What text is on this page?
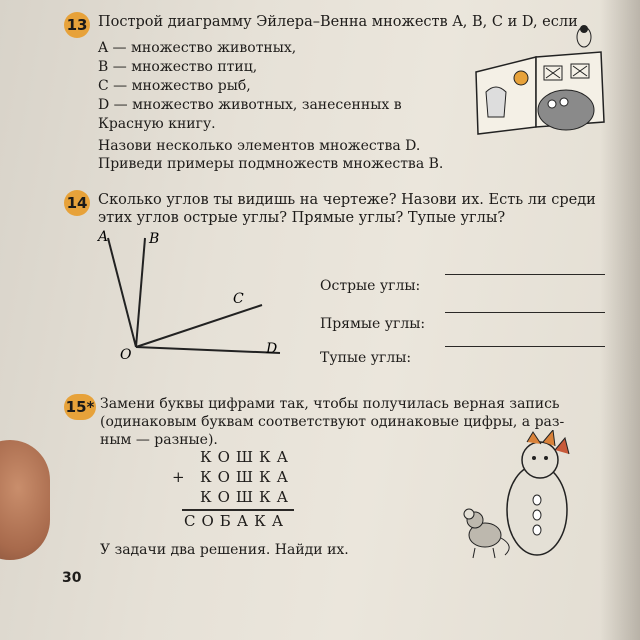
13 Построй диаграмму Эйлера–Венна множеств A, B, C и D, если
A — множество животных,
B — множество птиц,
C — множество рыб,
D — множество животных, занесенных в
Красную книгу.
Назови несколько элементов множества D.
Приведи примеры подмножеств множества B.
14 Сколько углов ты видишь на чертеже? Назови их. Есть ли среди
этих углов острые углы? Прямые углы? Тупые углы?
A	B
C
D
O
Острые углы:
Прямые углы:
Тупые углы:
15* Замени буквы цифрами так, чтобы получилась верная запись
(одинаковым буквам соответствуют одинаковые цифры, а раз-
ным — разные).
КОШКА
+ КОШКА
КОШКА
СОБАКА
У задачи два решения. Найди их.
30
